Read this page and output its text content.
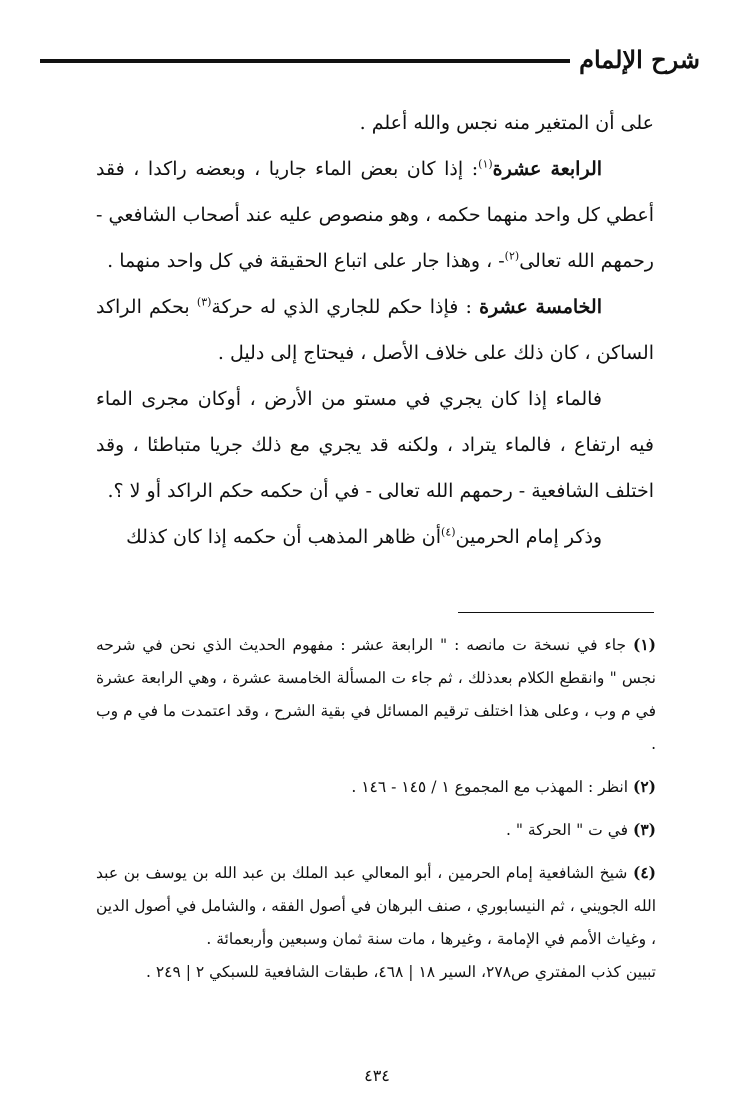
شرح الإلمام

على أن المتغير منه نجس والله أعلم .

الرابعة عشرة$^{(١)}$: إذا كان بعض الماء جاريا ، وبعضه راكدا ، فقد أعطي كل واحد منهما حكمه ، وهو منصوص عليه عند أصحاب الشافعي - رحمهم الله تعالى$^{(٢)}$- ، وهذا جار على اتباع الحقيقة في كل واحد منهما .

الخامسة عشرة : فإذا حكم للجاري الذي له حركة$^{(٣)}$ بحكم الراكد الساكن ، كان ذلك على خلاف الأصل ، فيحتاج إلى دليل .

فالماء إذا كان يجري في مستو من الأرض ، أوكان مجرى الماء فيه ارتفاع ، فالماء يتراد ، ولكنه قد يجري مع ذلك جريا متباطئا ، وقد اختلف الشافعية - رحمهم الله تعالى - في أن حكمه حكم الراكد أو لا ؟.

وذكر إمام الحرمين$^{(٤)}$أن ظاهر المذهب أن حكمه إذا كان كذلك

(١) جاء في نسخة ت مانصه : " الرابعة عشر : مفهوم الحديث الذي نحن في شرحه نجس " وانقطع الكلام بعدذلك ، ثم جاء ت المسألة الخامسة عشرة ، وهي الرابعة عشرة في م وب ، وعلى هذا اختلف ترقيم المسائل في بقية الشرح ، وقد اعتمدت ما في م وب .

(٢) انظر : المهذب مع المجموع ١ / ١٤٥ - ١٤٦ .

(٣) في ت " الحركة " .

(٤) شيخ الشافعية إمام الحرمين ، أبو المعالي عبد الملك بن عبد الله بن يوسف بن عبد الله الجويني ، ثم النيسابوري ، صنف البرهان في أصول الفقه ، والشامل في أصول الدين ، وغياث الأمم في الإمامة ، وغيرها ، مات سنة ثمان وسبعين وأربعمائة .

تبيين كذب المفتري ص٢٧٨، السير ١٨ | ٤٦٨، طبقات الشافعية للسبكي ٢ | ٢٤٩ .

٤٣٤
